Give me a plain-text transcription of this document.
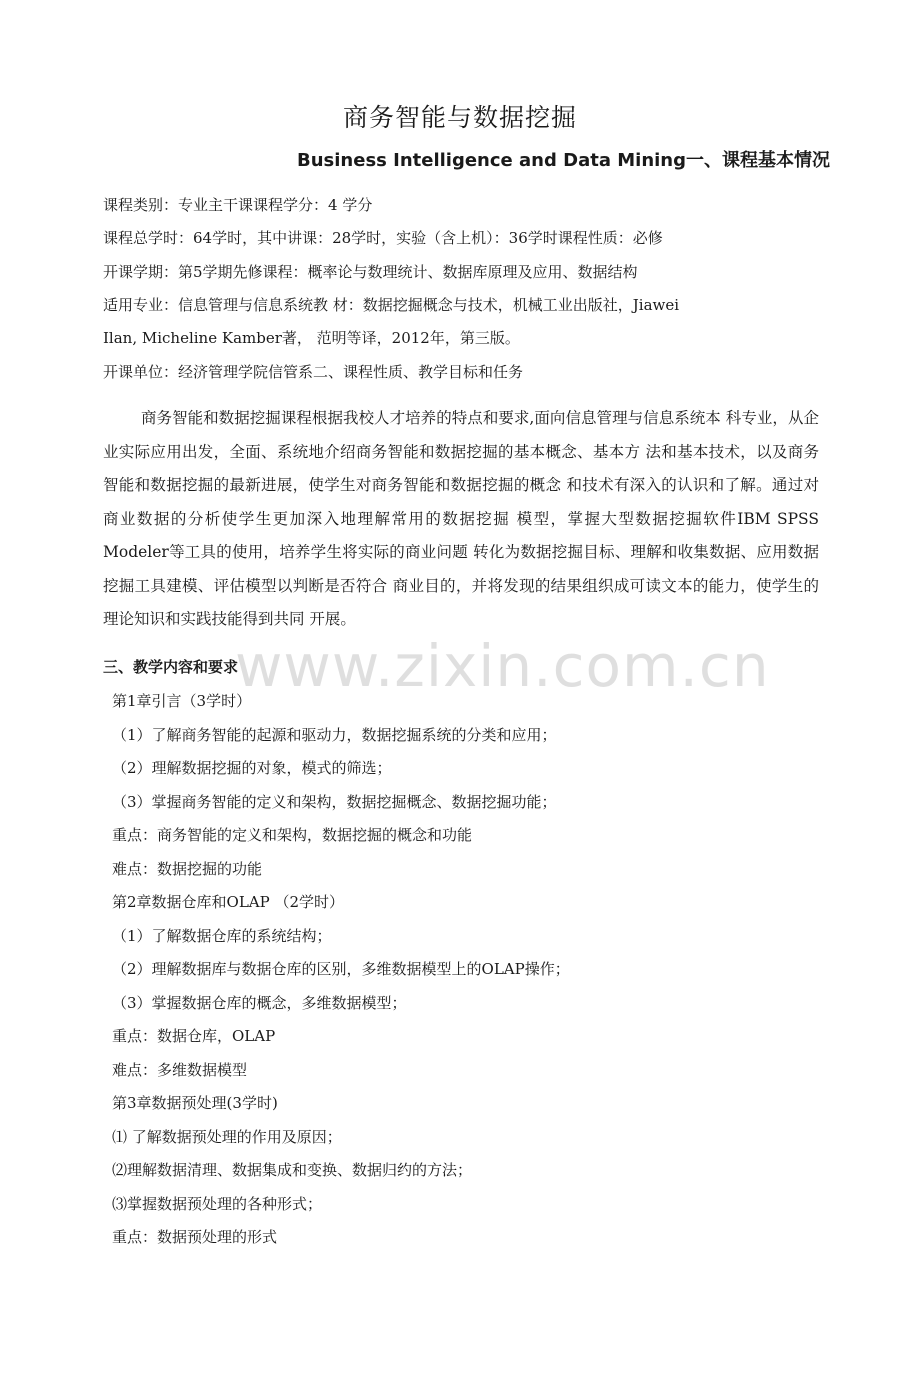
商务智能与数据挖掘
Business Intelligence and Data Mining一、课程基本情况
课程类别：专业主干课课程学分：4 学分
课程总学时：64学时，其中讲课：28学时，实验（含上机）：36学时课程性质：必修
开课学期：第5学期先修课程：概率论与数理统计、数据库原理及应用、数据结构
适用专业：信息管理与信息系统教 材：数据挖掘概念与技术，机械工业出版社，Jiawei
Ilan, Micheline Kamber著， 范明等译，2012年，第三版。
开课单位：经济管理学院信管系二、课程性质、教学目标和任务
商务智能和数据挖掘课程根据我校人才培养的特点和要求,面向信息管理与信息系统本 科专业，从企业实际应用出发，全面、系统地介绍商务智能和数据挖掘的基本概念、基本方 法和基本技术，以及商务智能和数据挖掘的最新进展，使学生对商务智能和数据挖掘的概念 和技术有深入的认识和了解。通过对商业数据的分析使学生更加深入地理解常用的数据挖掘 模型，掌握大型数据挖掘软件IBM SPSS Modeler等工具的使用，培养学生将实际的商业问题 转化为数据挖掘目标、理解和收集数据、应用数据挖掘工具建模、评估模型以判断是否符合 商业目的，并将发现的结果组织成可读文本的能力，使学生的理论知识和实践技能得到共同 开展。
www.zixin.com.cn
三、教学内容和要求
第1章引言（3学时）
（1）了解商务智能的起源和驱动力，数据挖掘系统的分类和应用；
（2）理解数据挖掘的对象，模式的筛选；
（3）掌握商务智能的定义和架构，数据挖掘概念、数据挖掘功能；
重点：商务智能的定义和架构，数据挖掘的概念和功能
难点：数据挖掘的功能
第2章数据仓库和OLAP （2学时）
（1）了解数据仓库的系统结构；
（2）理解数据库与数据仓库的区别，多维数据模型上的OLAP操作；
（3）掌握数据仓库的概念，多维数据模型；
重点：数据仓库，OLAP
难点：多维数据模型
第3章数据预处理(3学时)
⑴ 了解数据预处理的作用及原因；
⑵理解数据清理、数据集成和变换、数据归约的方法；
⑶掌握数据预处理的各种形式；
重点：数据预处理的形式
